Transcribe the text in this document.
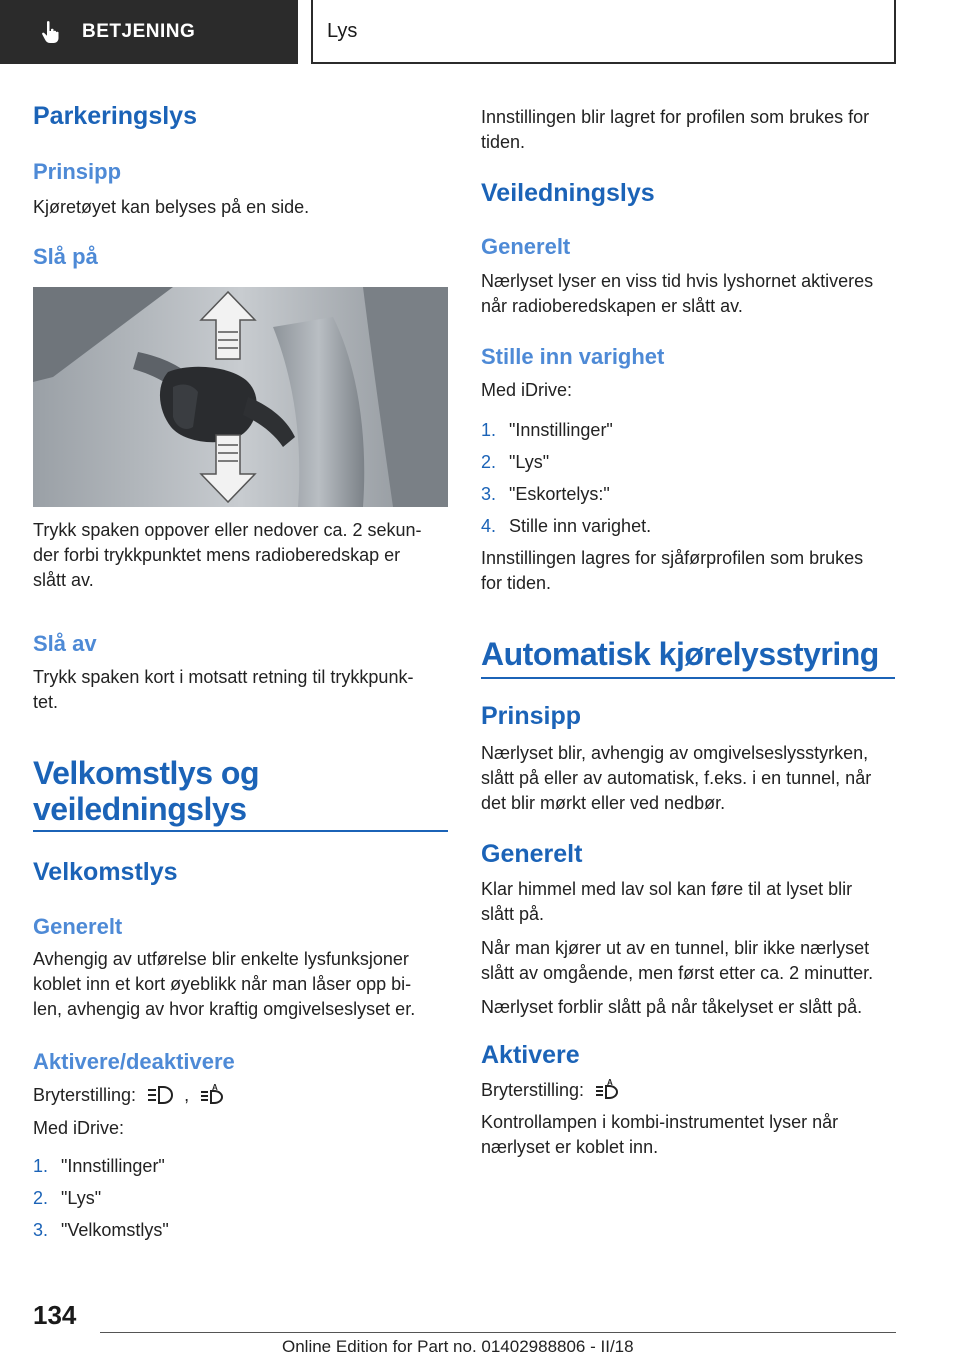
BETJENING	Lys
Parkeringslys
Prinsipp
Kjøretøyet kan belyses på en side.
Slå på
Trykk spaken oppover eller nedover ca. 2 sekun-
der forbi trykkpunktet mens radioberedskap er
slått av.
Slå av
Trykk spaken kort i motsatt retning til trykkpunk-
tet.
Velkomstlys og
veiledningslys
Velkomstlys
Generelt
Avhengig av utførelse blir enkelte lysfunksjoner
koblet inn et kort øyeblikk når man låser opp bi-
len, avhengig av hvor kraftig omgivelseslyset er.
Aktivere/deaktivere
Bryterstilling:	,	A
Med iDrive:
1. "Innstillinger"
2. "Lys"
3. "Velkomstlys"
Innstillingen blir lagret for profilen som brukes for
tiden.
Veiledningslys
Generelt
Nærlyset lyser en viss tid hvis lyshornet aktiveres
når radioberedskapen er slått av.
Stille inn varighet
Med iDrive:
1. "Innstillinger"
2. "Lys"
3. "Eskortelys:"
4. Stille inn varighet.
Innstillingen lagres for sjåførprofilen som brukes
for tiden.
Automatisk kjørelysstyring
Prinsipp
Nærlyset blir, avhengig av omgivelseslysstyrken,
slått på eller av automatisk, f.eks. i en tunnel, når
det blir mørkt eller ved nedbør.
Generelt
Klar himmel med lav sol kan føre til at lyset blir
slått på.
Når man kjører ut av en tunnel, blir ikke nærlyset
slått av omgående, men først etter ca. 2 minutter.
Nærlyset forblir slått på når tåkelyset er slått på.
Aktivere
Bryterstilling:	A
Kontrollampen i kombi-instrumentet lyser når
nærlyset er koblet inn.
134
Online Edition for Part no. 01402988806 - II/18
